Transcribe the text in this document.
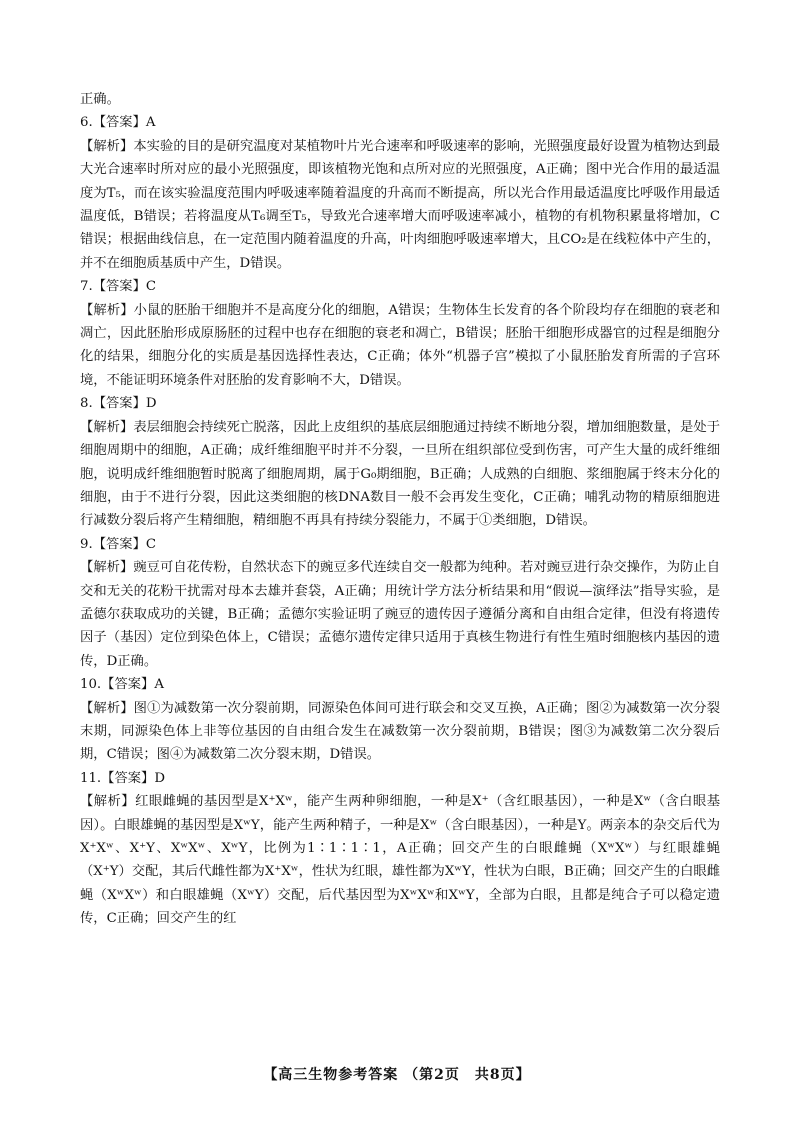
正确。

6.【答案】A

【解析】本实验的目的是研究温度对某植物叶片光合速率和呼吸速率的影响，光照强度最好设置为植物达到最大光合速率时所对应的最小光照强度，即该植物光饱和点所对应的光照强度，A正确；图中光合作用的最适温度为T₅，而在该实验温度范围内呼吸速率随着温度的升高而不断提高，所以光合作用最适温度比呼吸作用最适温度低，B错误；若将温度从T₆调至T₅，导致光合速率增大而呼吸速率减小，植物的有机物积累量将增加，C错误；根据曲线信息，在一定范围内随着温度的升高，叶肉细胞呼吸速率增大，且CO₂是在线粒体中产生的，并不在细胞质基质中产生，D错误。

7.【答案】C

【解析】小鼠的胚胎干细胞并不是高度分化的细胞，A错误；生物体生长发育的各个阶段均存在细胞的衰老和凋亡，因此胚胎形成原肠胚的过程中也存在细胞的衰老和凋亡，B错误；胚胎干细胞形成器官的过程是细胞分化的结果，细胞分化的实质是基因选择性表达，C正确；体外“机器子宫”模拟了小鼠胚胎发育所需的子宫环境，不能证明环境条件对胚胎的发育影响不大，D错误。

8.【答案】D

【解析】表层细胞会持续死亡脱落，因此上皮组织的基底层细胞通过持续不断地分裂，增加细胞数量，是处于细胞周期中的细胞，A正确；成纤维细胞平时并不分裂，一旦所在组织部位受到伤害，可产生大量的成纤维细胞，说明成纤维细胞暂时脱离了细胞周期，属于G₀期细胞，B正确；人成熟的白细胞、浆细胞属于终末分化的细胞，由于不进行分裂，因此这类细胞的核DNA数目一般不会再发生变化，C正确；哺乳动物的精原细胞进行减数分裂后将产生精细胞，精细胞不再具有持续分裂能力，不属于①类细胞，D错误。

9.【答案】C

【解析】豌豆可自花传粉，自然状态下的豌豆多代连续自交一般都为纯种。若对豌豆进行杂交操作，为防止自交和无关的花粉干扰需对母本去雄并套袋，A正确；用统计学方法分析结果和用“假说—演绎法”指导实验，是孟德尔获取成功的关键，B正确；孟德尔实验证明了豌豆的遗传因子遵循分离和自由组合定律，但没有将遗传因子（基因）定位到染色体上，C错误；孟德尔遗传定律只适用于真核生物进行有性生殖时细胞核内基因的遗传，D正确。

10.【答案】A

【解析】图①为减数第一次分裂前期，同源染色体间可进行联会和交叉互换，A正确；图②为减数第一次分裂末期，同源染色体上非等位基因的自由组合发生在减数第一次分裂前期，B错误；图③为减数第二次分裂后期，C错误；图④为减数第二次分裂末期，D错误。

11.【答案】D

【解析】红眼雌蝇的基因型是X⁺Xʷ，能产生两种卵细胞，一种是X⁺（含红眼基因），一种是Xʷ（含白眼基因）。白眼雄蝇的基因型是XʷY，能产生两种精子，一种是Xʷ（含白眼基因），一种是Y。两亲本的杂交后代为X⁺Xʷ、X⁺Y、XʷXʷ、XʷY，比例为1∶1∶1∶1，A正确；回交产生的白眼雌蝇（XʷXʷ）与红眼雄蝇（X⁺Y）交配，其后代雌性都为X⁺Xʷ，性状为红眼，雄性都为XʷY，性状为白眼，B正确；回交产生的白眼雌蝇（XʷXʷ）和白眼雄蝇（XʷY）交配，后代基因型为XʷXʷ和XʷY，全部为白眼，且都是纯合子可以稳定遗传，C正确；回交产生的红

【高三生物参考答案 （第2页　共8页】
